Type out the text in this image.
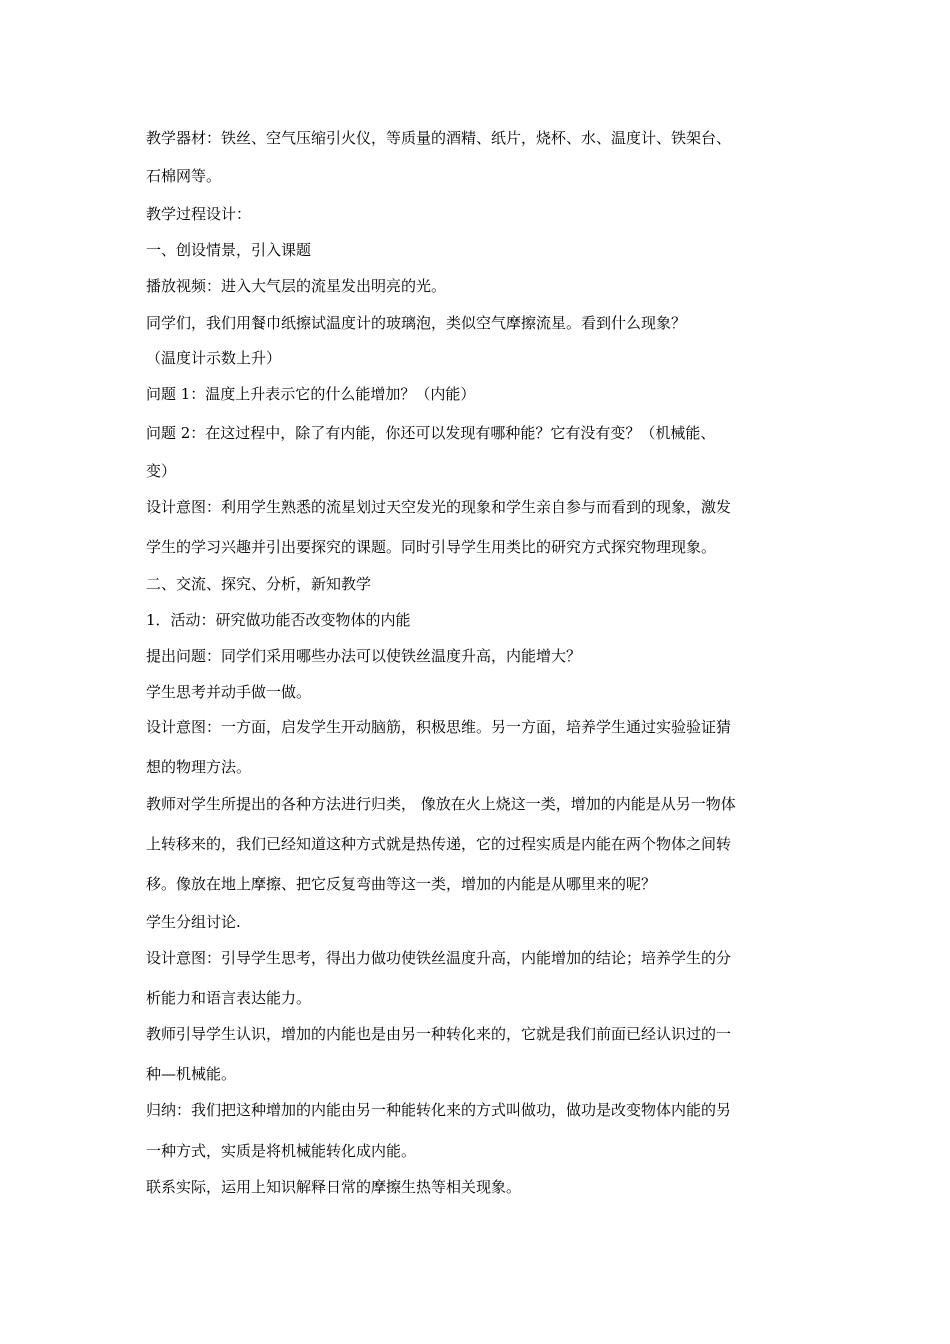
教学器材：铁丝、空气压缩引火仪，等质量的酒精、纸片，烧杯、水、温度计、铁架台、
石棉网等。
教学过程设计：
一、创设情景，引入课题
播放视频：进入大气层的流星发出明亮的光。
同学们，我们用餐巾纸擦试温度计的玻璃泡，类似空气摩擦流星。看到什么现象？
（温度计示数上升）
问题 1：温度上升表示它的什么能增加？（内能）
问题 2：在这过程中，除了有内能，你还可以发现有哪种能？它有没有变？（机械能、
变）
设计意图：利用学生熟悉的流星划过天空发光的现象和学生亲自参与而看到的现象，激发
学生的学习兴趣并引出要探究的课题。同时引导学生用类比的研究方式探究物理现象。
二、交流、探究、分析，新知教学
1．活动：研究做功能否改变物体的内能
提出问题：同学们采用哪些办法可以使铁丝温度升高，内能增大？
学生思考并动手做一做。
设计意图：一方面，启发学生开动脑筋，积极思维。另一方面，培养学生通过实验验证猜
想的物理方法。
教师对学生所提出的各种方法进行归类， 像放在火上烧这一类，增加的内能是从另一物体
上转移来的，我们已经知道这种方式就是热传递，它的过程实质是内能在两个物体之间转
移。像放在地上摩擦、把它反复弯曲等这一类，增加的内能是从哪里来的呢？
学生分组讨论.
设计意图：引导学生思考，得出力做功使铁丝温度升高，内能增加的结论；培养学生的分
析能力和语言表达能力。
教师引导学生认识，增加的内能也是由另一种转化来的，它就是我们前面已经认识过的一
种—机械能。
归纳：我们把这种增加的内能由另一种能转化来的方式叫做功，做功是改变物体内能的另
一种方式，实质是将机械能转化成内能。
联系实际，运用上知识解释日常的摩擦生热等相关现象。
